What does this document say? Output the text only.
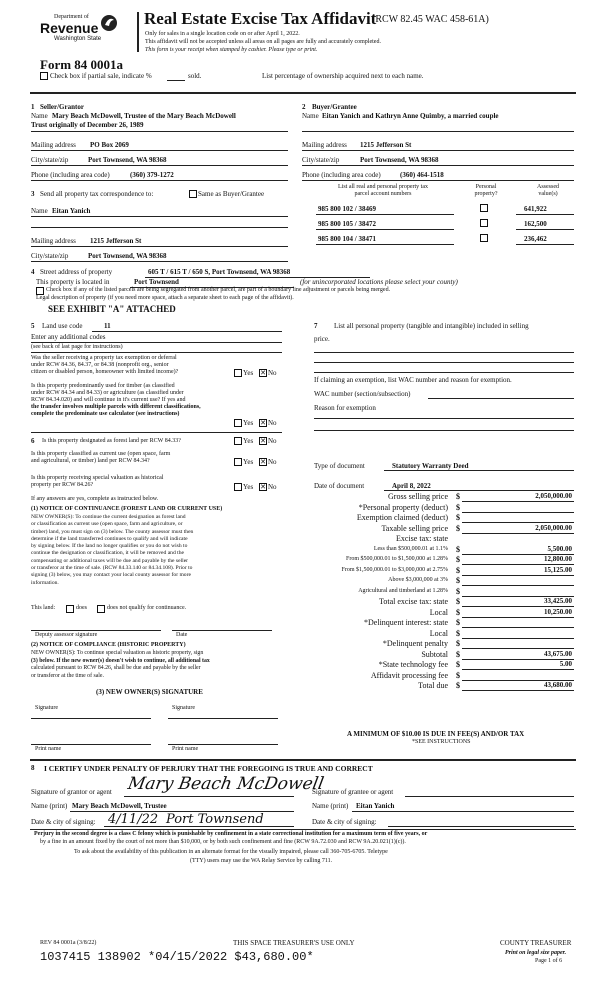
Department of
Revenue
Washington State
Real Estate Excise Tax Affidavit
(RCW 82.45 WAC 458-61A)
Only for sales in a single location code on or after April 1, 2022.
This affidavit will not be accepted unless all areas on all pages are fully and accurately completed.
This form is your receipt when stamped by cashier. Please type or print.
Form 84 0001a
Check box if partial sale, indicate %	sold.	List percentage of ownership acquired next to each name.
1 Seller/Grantor
Name Mary Beach McDowell, Trustee of the Mary Beach McDowell
Trust originally of December 26, 1989
Mailing address PO Box 2069
City/state/zip	Port Townsend, WA 98368
Phone (including area code)	(360) 379-1272
2 Buyer/Grantee
Name Eitan Yanich and Kathryn Anne Quimby, a married couple
Mailing address 1215 Jefferson St
City/state/zip	Port Townsend, WA 98368
Phone (including area code)	(360) 464-1518
3 Send all property tax correspondence to:	Same as Buyer/Grantee
Name Eitan Yanich
Mailing address 1215 Jefferson St
City/state/zip	Port Townsend, WA 98368
List all real and personal property tax
parcel account numbers
Personal
property?
Assessed
value(s)
985 800 102 / 38469	641,922
985 800 105 / 38472	162,500
985 800 104 / 38471	236,462
4 Street address of property	605 T / 615 T / 650 S, Port Townsend, WA 98368
This property is located in	Port Townsend	(for unincorporated locations please select your county)
Check box if any of the listed parcels are being segregated from another parcel, are part of a boundary line adjustment or parcels being merged.
Legal description of property (if you need more space, attach a separate sheet to each page of the affidavit).
SEE EXHIBIT "A" ATTACHED
5 Land use code	11
Enter any additional codes
(see back of last page for instructions)
Was the seller receiving a property tax exemption or deferral
under RCW 84.36, 84.37, or 84.38 (nonprofit org., senior
citizen or disabled person, homeowner with limited income)?	Yes ✕ No
Is this property predominantly used for timber (as classified
under RCW 84.34 and 84.33) or agriculture (as classified under
RCW 84.34.020) and will continue in it's current use? If yes and
the transfer involves multiple parcels with different classifications,
complete the predominate use calculator (see instructions)
Yes ✕ No
6 Is this property designated as forest land per RCW 84.33?	Yes ✕ No
Is this property classified as current use (open space, farm
and agricultural, or timber) land per RCW 84.34?	Yes ✕ No
Is this property receiving special valuation as historical
property per RCW 84.26?	Yes ✕ No
If any answers are yes, complete as instructed below.
(1) NOTICE OF CONTINUANCE (FOREST LAND OR CURRENT USE)
NEW OWNER(S): To continue the current designation as forest land
or classification as current use (open space, farm and agriculture, or
timber) land, you must sign on (3) below. The county assessor must then
determine if the land transferred continues to qualify and will indicate
by signing below. If the land no longer qualifies or you do not wish to
continue the designation or classification, it will be removed and the
compensating or additional taxes will be due and payable by the seller
or transferor at the time of sale. (RCW 84.33.140 or 84.34.108). Prior to
signing (3) below, you may contact your local county assessor for more
information.
This land:	does	does not qualify for continuance.
Deputy assessor signature	Date
(2) NOTICE OF COMPLIANCE (HISTORIC PROPERTY)
NEW OWNER(S): To continue special valuation as historic property, sign
(3) below. If the new owner(s) doesn't wish to continue, all additional tax
calculated pursuant to RCW 84.26, shall be due and payable by the seller
or transferor at the time of sale.
(3) NEW OWNER(S) SIGNATURE
Signature	Signature
Print name	Print name
7 List all personal property (tangible and intangible) included in selling
price.
If claiming an exemption, list WAC number and reason for exemption.
WAC number (section/subsection)
Reason for exemption
Type of document	Statutory Warranty Deed
Date of document	April 8, 2022
Gross selling price $	2,050,000.00
*Personal property (deduct) $
Exemption claimed (deduct) $
Taxable selling price $	2,050,000.00
Excise tax: state
Less than $500,000.01 at 1.1% $	5,500.00
From $500,000.01 to $1,500,000 at 1.28% $	12,800.00
From $1,500,000.01 to $3,000,000 at 2.75% $	15,125.00
Above $3,000,000 at 3% $
Agricultural and timberland at 1.28% $
Total excise tax: state $	33,425.00
Local $	10,250.00
*Delinquent interest: state $
Local $
*Delinquent penalty $
Subtotal $	43,675.00
*State technology fee $	5.00
Affidavit processing fee $
Total due $	43,680.00
A MINIMUM OF $10.00 IS DUE IN FEE(S) AND/OR TAX
*SEE INSTRUCTIONS
8 I CERTIFY UNDER PENALTY OF PERJURY THAT THE FOREGOING IS TRUE AND CORRECT
Signature of grantor or agent Mary Beach McDowell
Signature of grantee or agent
Name (print) Mary Beach McDowell, Trustee	Name (print) Eitan Yanich
Date & city of signing: 4/11/22 Port Townsend	Date & city of signing:
Perjury in the second degree is a class C felony which is punishable by confinement in a state correctional institution for a maximum term of five years, or
by a fine in an amount fixed by the court of not more than $10,000, or by both such confinement and fine (RCW 9A.72.030 and RCW 9A.20.021(1)(c)).
To ask about the availability of this publication in an alternate format for the visually impaired, please call 360-705-6705. Teletype
(TTY) users may use the WA Relay Service by calling 711.
REV 84 0001a (3/8/22)	THIS SPACE TREASURER'S USE ONLY	COUNTY TREASURER
1037415 138902 *04/15/2022 $43,680.00*	Print on legal size paper.
Page 1 of 6
